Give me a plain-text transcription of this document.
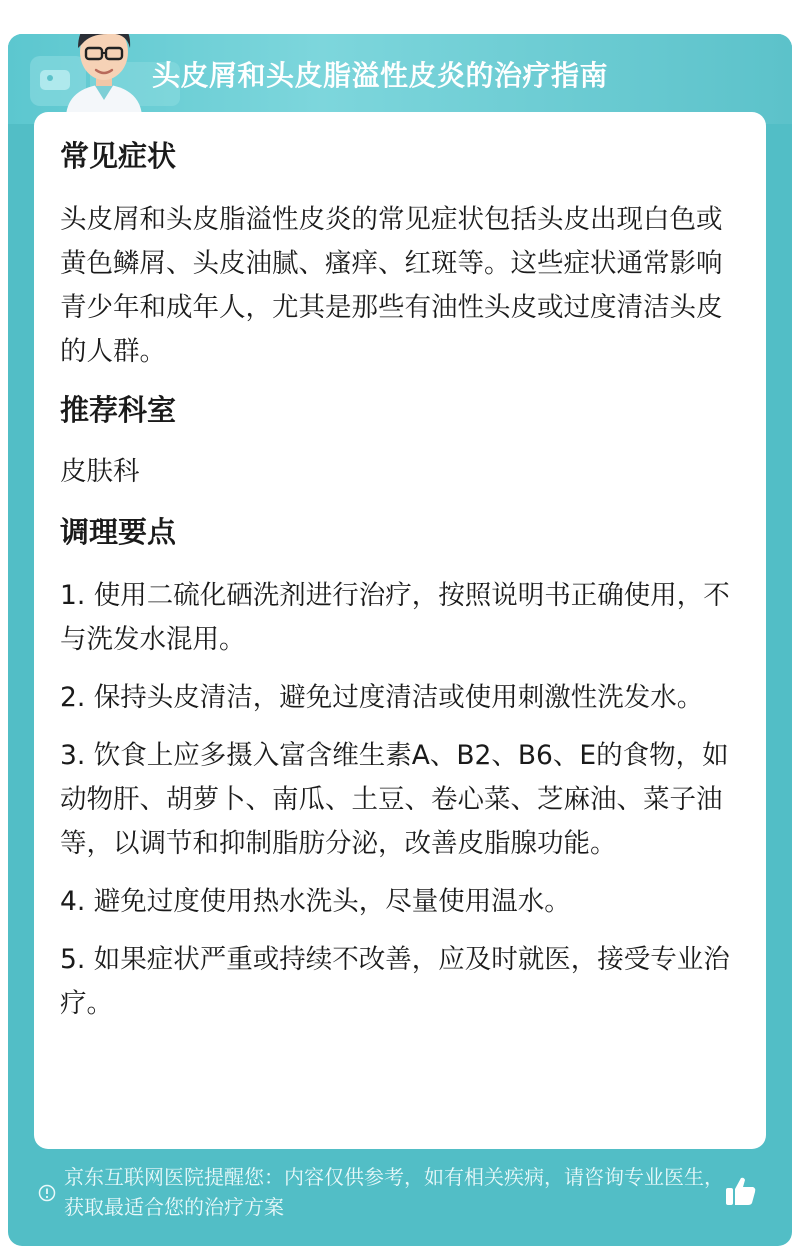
头皮屑和头皮脂溢性皮炎的治疗指南
常见症状

头皮屑和头皮脂溢性皮炎的常见症状包括头皮出现白色或黄色鳞屑、头皮油腻、瘙痒、红斑等。这些症状通常影响青少年和成年人，尤其是那些有油性头皮或过度清洁头皮的人群。

推荐科室

皮肤科

调理要点

1. 使用二硫化硒洗剂进行治疗，按照说明书正确使用，不与洗发水混用。

2. 保持头皮清洁，避免过度清洁或使用刺激性洗发水。

3. 饮食上应多摄入富含维生素A、B2、B6、E的食物，如动物肝、胡萝卜、南瓜、土豆、卷心菜、芝麻油、菜子油等，以调节和抑制脂肪分泌，改善皮脂腺功能。

4. 避免过度使用热水洗头，尽量使用温水。

5. 如果症状严重或持续不改善，应及时就医，接受专业治疗。

京东互联网医院提醒您：内容仅供参考，如有相关疾病，请咨询专业医生，获取最适合您的治疗方案
